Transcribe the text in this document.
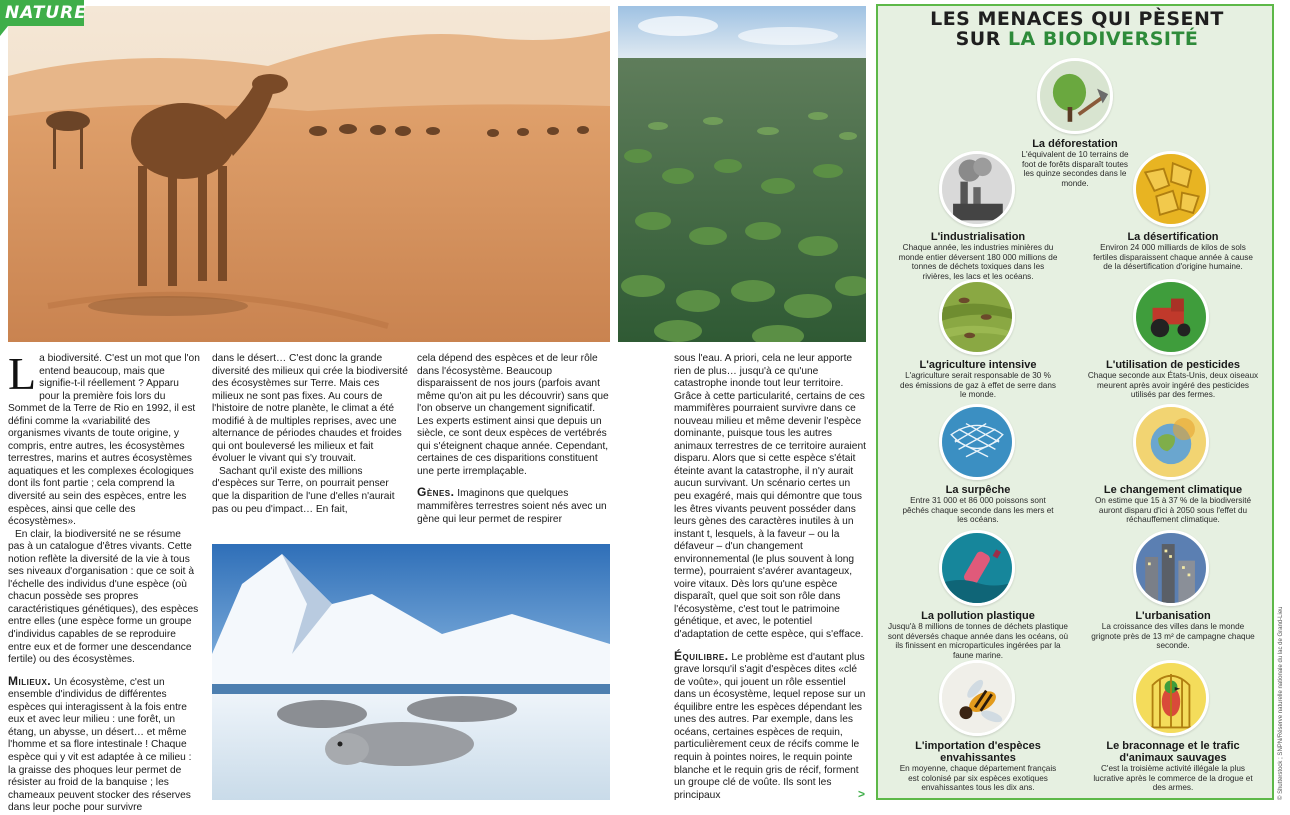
NATURE

La biodiversité. C'est un mot que l'on entend beaucoup, mais que signifie-t-il réellement ? Apparu pour la première fois lors du Sommet de la Terre de Rio en 1992, il est défini comme la «variabilité des organismes vivants de toute origine, y compris, entre autres, les écosystèmes terrestres, marins et autres écosystèmes aquatiques et les complexes écologiques dont ils font partie ; cela comprend la diversité au sein des espèces, entre les espèces, ainsi que celle des écosystèmes».

En clair, la biodiversité ne se résume pas à un catalogue d'êtres vivants. Cette notion reflète la diversité de la vie à tous ses niveaux d'organisation : que ce soit à l'échelle des individus d'une espèce (où chacun possède ses propres caractéristiques génétiques), des espèces entre elles (une espèce forme un groupe d'individus capables de se reproduire entre eux et de former une descendance fertile) ou des écosystèmes.

Milieux. Un écosystème, c'est un ensemble d'individus de différentes espèces qui interagissent à la fois entre eux et avec leur milieu : une forêt, un étang, un abysse, un désert… et même l'homme et sa flore intestinale ! Chaque espèce qui y vit est adaptée à ce milieu : la graisse des phoques leur permet de résister au froid de la banquise ; les chameaux peuvent stocker des réserves dans leur poche pour survivre

dans le désert… C'est donc la grande diversité des milieux qui crée la biodiversité des écosystèmes sur Terre. Mais ces milieux ne sont pas fixes. Au cours de l'histoire de notre planète, le climat a été modifié à de multiples reprises, avec une alternance de périodes chaudes et froides qui ont bouleversé les milieux et fait évoluer le vivant qui s'y trouvait.

Sachant qu'il existe des millions d'espèces sur Terre, on pourrait penser que la disparition de l'une d'elles n'aurait pas ou peu d'impact… En fait,

cela dépend des espèces et de leur rôle dans l'écosystème. Beaucoup disparaissent de nos jours (parfois avant même qu'on ait pu les découvrir) sans que l'on observe un changement significatif. Les experts estiment ainsi que depuis un siècle, ce sont deux espèces de vertébrés qui s'éteignent chaque année. Cependant, certaines de ces disparitions constituent une perte irremplaçable.

Gènes. Imaginons que quelques mammifères terrestres soient nés avec un gène qui leur permet de respirer

sous l'eau. A priori, cela ne leur apporte rien de plus… jusqu'à ce qu'une catastrophe inonde tout leur territoire. Grâce à cette particularité, certains de ces mammifères pourraient survivre dans ce nouveau milieu et même devenir l'espèce dominante, puisque tous les autres animaux terrestres de ce territoire auraient disparu. Alors que si cette espèce s'était éteinte avant la catastrophe, il n'y aurait aucun survivant. Un scénario certes un peu exagéré, mais qui démontre que tous les êtres vivants peuvent posséder dans leurs gènes des caractères inutiles à un instant t, lesquels, à la faveur – ou la défaveur – d'un changement environnemental (le plus souvent à long terme), pourraient s'avérer avantageux, voire vitaux. Dès lors qu'une espèce disparaît, quel que soit son rôle dans l'écosystème, c'est tout le patrimoine génétique, et avec, le potentiel d'adaptation de cette espèce, qui s'efface.

Équilibre. Le problème est d'autant plus grave lorsqu'il s'agit d'espèces dites «clé de voûte», qui jouent un rôle essentiel dans un écosystème, lequel repose sur un équilibre entre les espèces dépendant les unes des autres. Par exemple, dans les océans, certaines espèces de requin, particulièrement ceux de récifs comme le requin à pointes noires, le requin pointe blanche et le requin gris de récif, forment un groupe clé de voûte. Ils sont les principaux	>
LES MENACES QUI PÈSENT
SUR LA BIODIVERSITÉ
La déforestation
L'équivalent de 10 terrains de foot de forêts disparaît toutes les quinze secondes dans le monde.
L'industrialisation
Chaque année, les industries minières du monde entier déversent 180 000 millions de tonnes de déchets toxiques dans les rivières, les lacs et les océans.
La désertification
Environ 24 000 milliards de kilos de sols fertiles disparaissent chaque année à cause de la désertification d'origine humaine.
L'agriculture intensive
L'agriculture serait responsable de 30 % des émissions de gaz à effet de serre dans le monde.
L'utilisation de pesticides
Chaque seconde aux États-Unis, deux oiseaux meurent après avoir ingéré des pesticides utilisés par des fermes.
La surpêche
Entre 31 000 et 86 000 poissons sont pêchés chaque seconde dans les mers et les océans.
Le changement climatique
On estime que 15 à 37 % de la biodiversité auront disparu d'ici à 2050 sous l'effet du réchauffement climatique.
La pollution plastique
Jusqu'à 8 millions de tonnes de déchets plastique sont déversés chaque année dans les océans, où ils finissent en microparticules ingérées par la faune marine.
L'urbanisation
La croissance des villes dans le monde grignote près de 13 m² de campagne chaque seconde.
L'importation d'espèces envahissantes
En moyenne, chaque département français est colonisé par six espèces exotiques envahissantes tous les dix ans.
Le braconnage et le trafic d'animaux sauvages
C'est la troisième activité illégale la plus lucrative après le commerce de la drogue et des armes.	© Shutterstock ; SNPN/Réserve naturelle nationale du lac de Grand-Lieu
